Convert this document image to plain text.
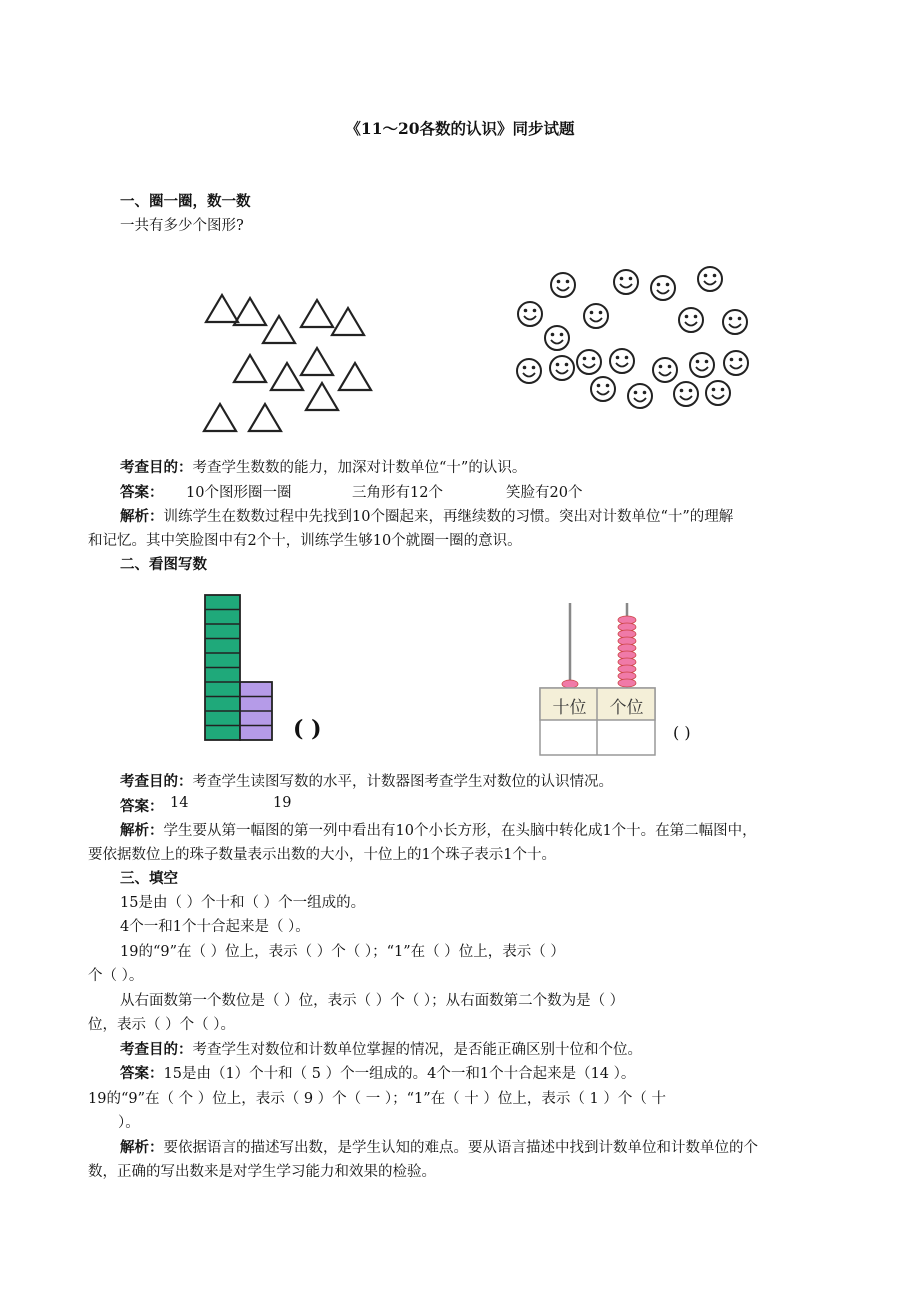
《11～20各数的认识》同步试题
一、圈一圈，数一数
一共有多少个图形?
考查目的：考查学生数数的能力，加深对计数单位“十”的认识。
答案： 10个图形圈一圈	三角形有12个	笑脸有20个
解析：训练学生在数数过程中先找到10个圈起来，再继续数的习惯。突出对计数单位“十”的理解
和记忆。其中笑脸图中有2个十，训练学生够10个就圈一圈的意识。
二、看图写数
( )
十位	个位
( )
考查目的：考查学生读图写数的水平，计数器图考查学生对数位的认识情况。
答案： 14	19
解析：学生要从第一幅图的第一列中看出有10个小长方形，在头脑中转化成1个十。在第二幅图中，
要依据数位上的珠子数量表示出数的大小，十位上的1个珠子表示1个十。
三、填空
15是由（ ）个十和（ ）个一组成的。
4个一和1个十合起来是（ ）。
19的“9”在（ ）位上，表示（ ）个（ ）；“1”在（ ）位上，表示（ ）
个（ ）。
从右面数第一个数位是（ ）位，表示（ ）个（ ）；从右面数第二个数为是（ ）
位，表示（ ）个（ ）。
考查目的：考查学生对数位和计数单位掌握的情况，是否能正确区别十位和个位。
答案：15是由（1）个十和（ 5 ）个一组成的。4个一和1个十合起来是（14 ）。
19的“9”在（ 个 ）位上，表示（ 9 ）个（ 一 ）；“1”在（ 十 ）位上，表示（ 1 ）个（ 十
）。
解析：要依据语言的描述写出数，是学生认知的难点。要从语言描述中找到计数单位和计数单位的个
数，正确的写出数来是对学生学习能力和效果的检验。
